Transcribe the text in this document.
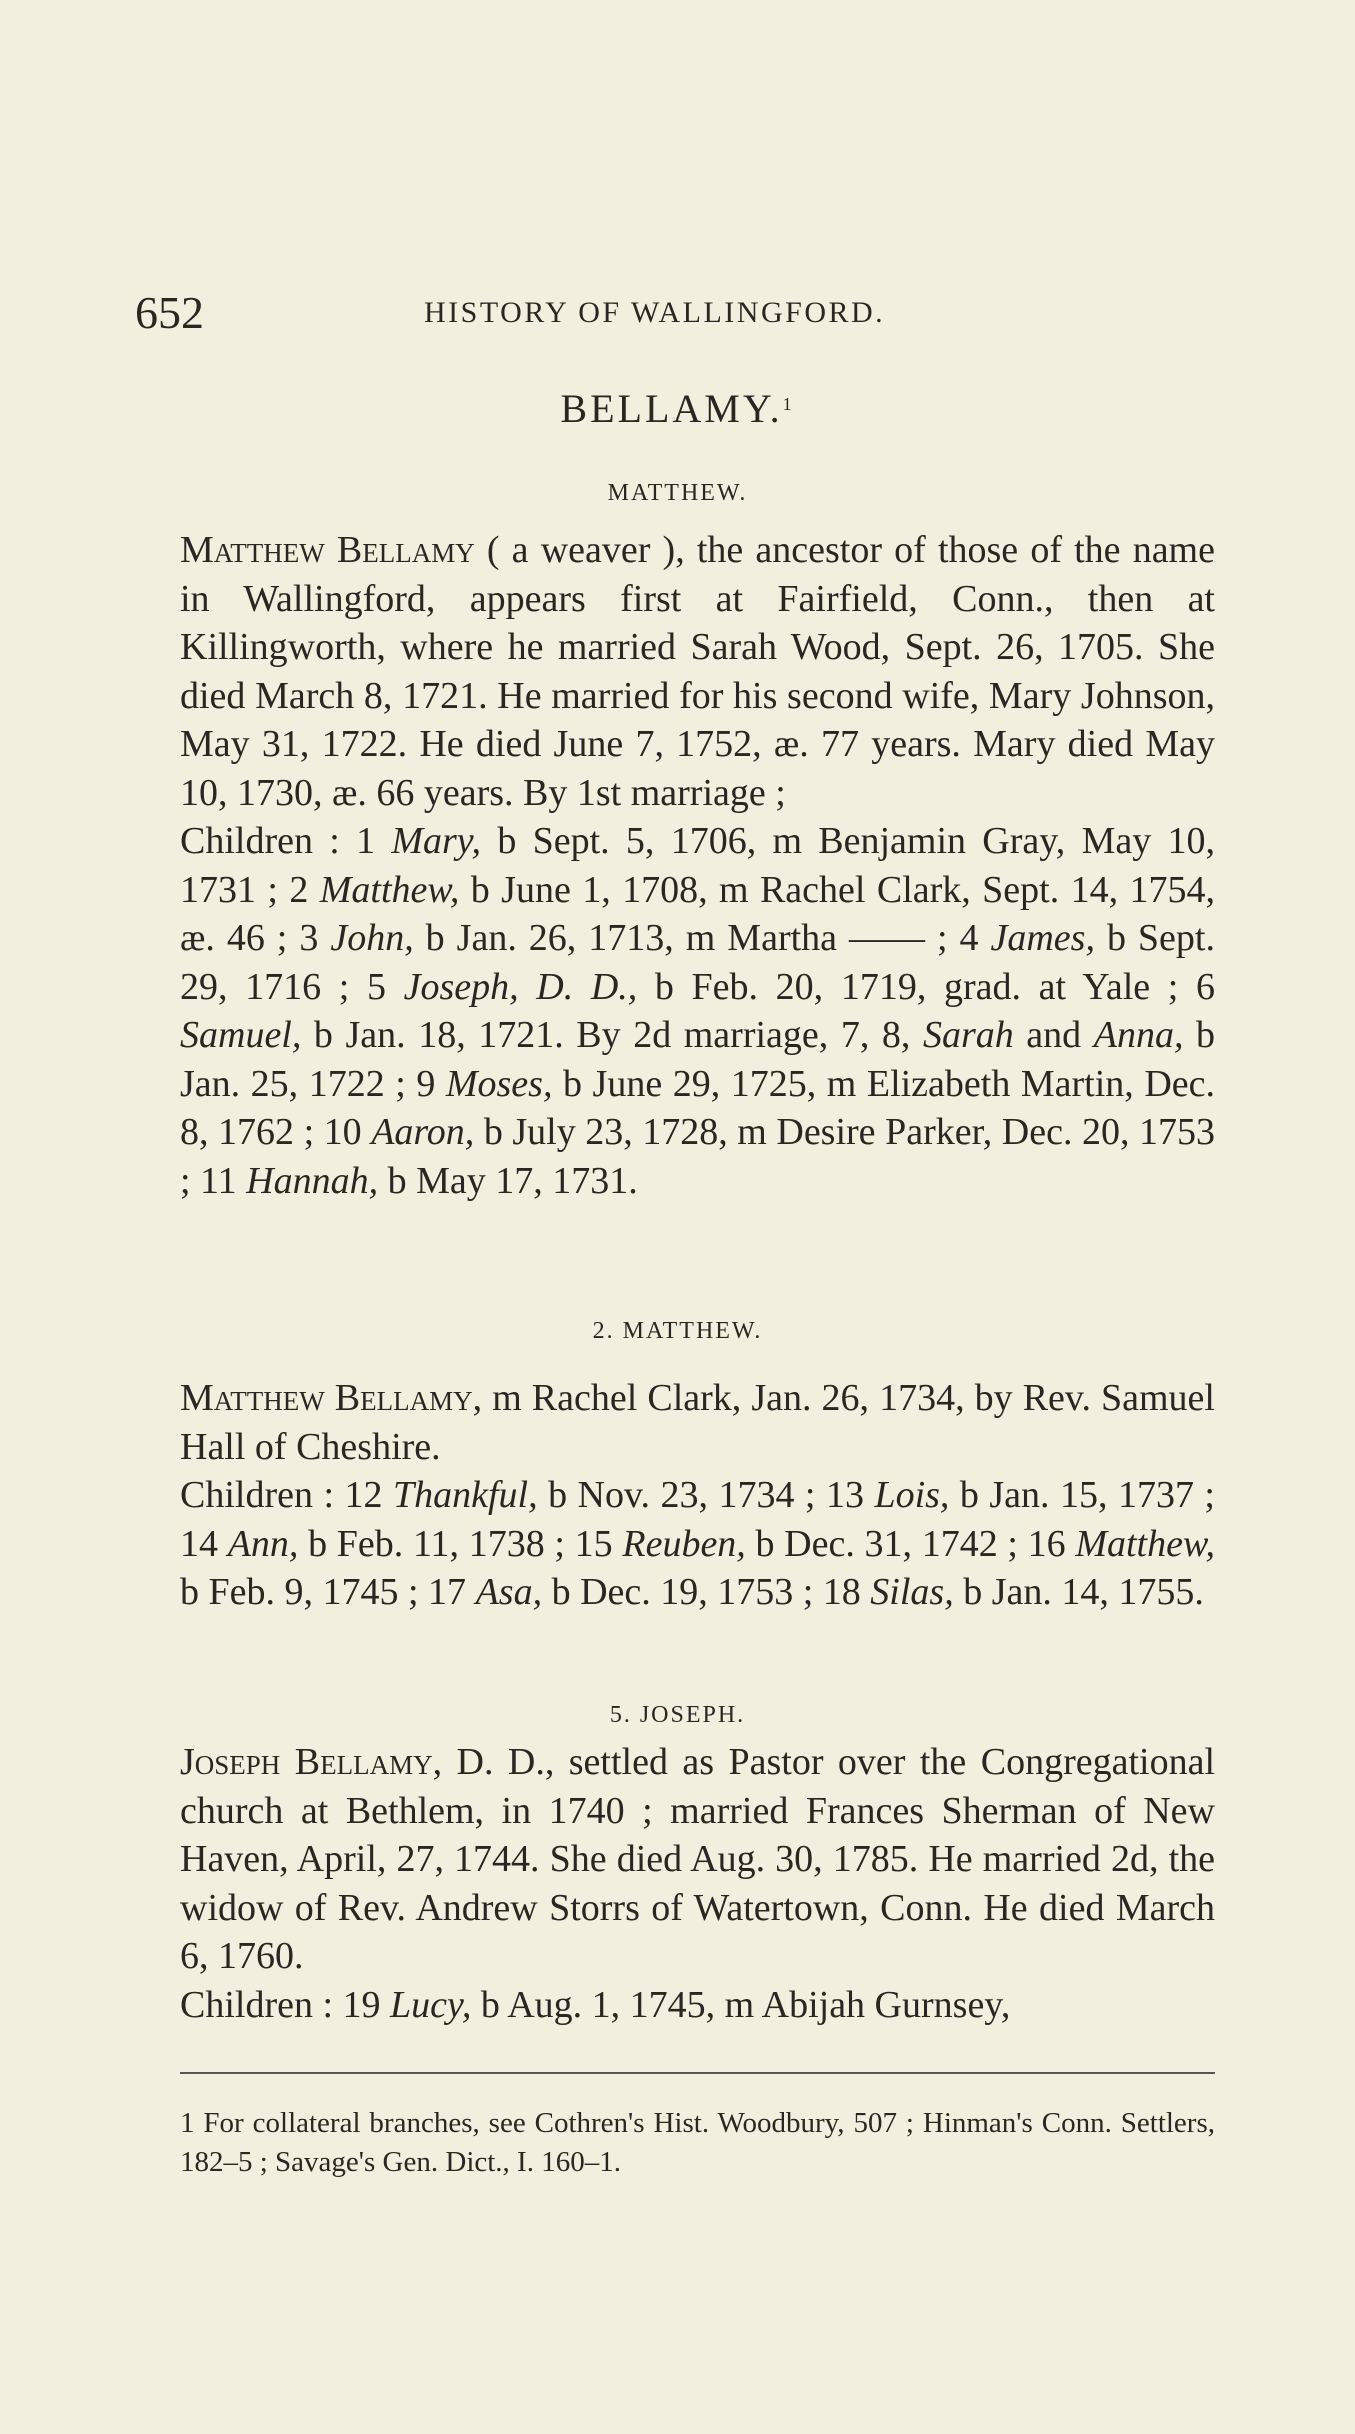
652	HISTORY OF WALLINGFORD.
BELLAMY.$^1$
MATTHEW.

Matthew Bellamy ( a weaver ), the ancestor of those of the name in Wallingford, appears first at Fairfield, Conn., then at Killingworth, where he married Sarah Wood, Sept. 26, 1705. She died March 8, 1721. He married for his second wife, Mary Johnson, May 31, 1722. He died June 7, 1752, æ. 77 years. Mary died May 10, 1730, æ. 66 years. By 1st marriage ;

Children : 1 Mary, b Sept. 5, 1706, m Benjamin Gray, May 10, 1731 ; 2 Matthew, b June 1, 1708, m Rachel Clark, Sept. 14, 1754, æ. 46 ; 3 John, b Jan. 26, 1713, m Martha —— ; 4 James, b Sept. 29, 1716 ; 5 Joseph, D. D., b Feb. 20, 1719, grad. at Yale ; 6 Samuel, b Jan. 18, 1721. By 2d marriage, 7, 8, Sarah and Anna, b Jan. 25, 1722 ; 9 Moses, b June 29, 1725, m Elizabeth Martin, Dec. 8, 1762 ; 10 Aaron, b July 23, 1728, m Desire Parker, Dec. 20, 1753 ; 11 Hannah, b May 17, 1731.

2. MATTHEW.

Matthew Bellamy, m Rachel Clark, Jan. 26, 1734, by Rev. Samuel Hall of Cheshire.

Children : 12 Thankful, b Nov. 23, 1734 ; 13 Lois, b Jan. 15, 1737 ; 14 Ann, b Feb. 11, 1738 ; 15 Reuben, b Dec. 31, 1742 ; 16 Matthew, b Feb. 9, 1745 ; 17 Asa, b Dec. 19, 1753 ; 18 Silas, b Jan. 14, 1755.

5. JOSEPH.

Joseph Bellamy, D. D., settled as Pastor over the Congregational church at Bethlem, in 1740 ; married Frances Sherman of New Haven, April, 27, 1744. She died Aug. 30, 1785. He married 2d, the widow of Rev. Andrew Storrs of Watertown, Conn. He died March 6, 1760.

Children : 19 Lucy, b Aug. 1, 1745, m Abijah Gurnsey,

1 For collateral branches, see Cothren's Hist. Woodbury, 507 ; Hinman's Conn. Settlers, 182–5 ; Savage's Gen. Dict., I. 160–1.
